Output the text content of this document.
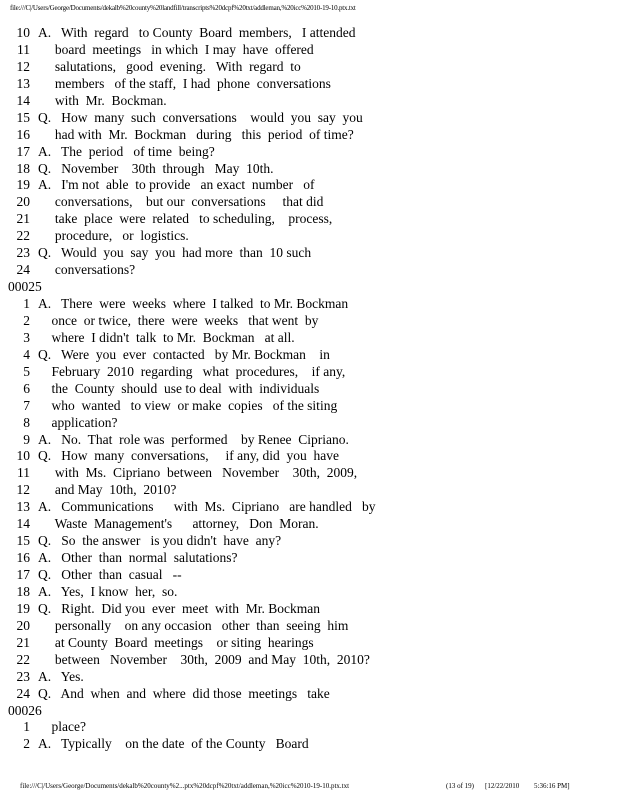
file:///C|/Users/George/Documents/dekalb%20county%20landfill/transcripts%20dcpf%20txt/addleman,%20icc%2010-19-10.ptx.txt
10 A.   With  regard   to County  Board  members,   I attended
11     board  meetings   in which  I may  have  offered
12     salutations,   good  evening.   With  regard  to
13     members   of the staff,  I had  phone  conversations
14     with  Mr.  Bockman.
15 Q.   How  many  such  conversations    would  you  say  you
16     had with  Mr.  Bockman   during   this  period  of time?
17 A.   The  period   of time  being?
18 Q.   November    30th  through   May  10th.
19 A.   I'm not  able  to provide   an exact  number   of
20     conversations,    but our  conversations     that did
21     take  place  were  related   to scheduling,    process,
22     procedure,   or  logistics.
23 Q.   Would  you  say  you  had more  than  10 such
24     conversations?
00025
1 A.   There  were  weeks  where  I talked  to Mr. Bockman
2    once  or twice,  there  were  weeks   that went  by
3    where  I didn't  talk  to Mr.  Bockman   at all.
4 Q.   Were  you  ever  contacted   by Mr. Bockman    in
5    February  2010  regarding   what  procedures,    if any,
6    the  County  should  use to deal  with  individuals
7    who  wanted   to view  or make  copies   of the siting
8    application?
9 A.   No.  That  role was  performed    by Renee  Cipriano.
10 Q.   How  many  conversations,     if any, did  you  have
11     with  Ms.  Cipriano  between   November    30th,  2009,
12     and May  10th,  2010?
13 A.   Communications      with  Ms.  Cipriano   are handled   by
14     Waste  Management's      attorney,   Don  Moran.
15 Q.   So  the answer   is you didn't  have  any?
16 A.   Other  than  normal  salutations?
17 Q.   Other  than  casual   --
18 A.   Yes,  I know  her,  so.
19 Q.   Right.  Did you  ever  meet  with  Mr. Bockman
20     personally    on any occasion   other  than  seeing  him
21     at County  Board  meetings    or siting  hearings
22     between   November    30th,  2009  and May  10th,  2010?
23 A.   Yes.
24 Q.   And  when  and  where  did those  meetings   take
00026
1    place?
2 A.   Typically    on the date  of the County   Board
file:///C|/Users/George/Documents/dekalb%20county%2...ptx%20dcpf%20txt/addleman,%20icc%2010-19-10.ptx.txt	(13 of 19) [12/22/2010 5:36:16 PM]
